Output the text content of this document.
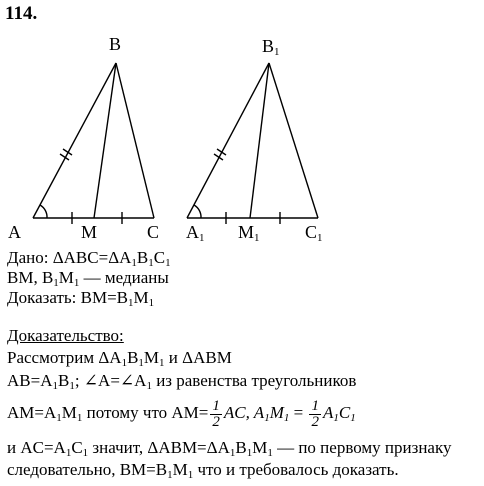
114.
B
A	M	C
B1
A1 M1	C1
Дано: $\Delta ABC=\Delta A_1B_1C_1$
BM, $B_1M_1$ — медианы
Доказать: $BM=B_1M_1$
Доказательство:
Рассмотрим $\Delta A_1B_1M_1$ и ΔABM
$AB=A_1B_1$; $\angle A=\angle A_1$ из равенства треугольников
$AM=A_1M_1$ потому что $AM= \frac{1}{2}$ AC, $A_1M_1 = \frac{1}{2} A_1C_1$
и $AC=A_1C_1$ значит, $\Delta ABM=\Delta A_1B_1M_1$ — по первому признаку
следовательно, $BM=B_1M_1$ что и требовалось доказать.
